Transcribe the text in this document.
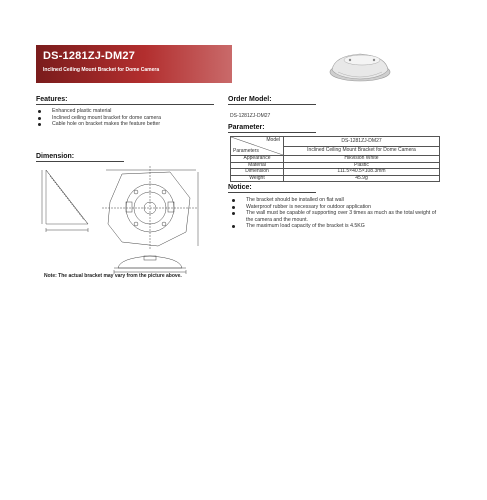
DS-1281ZJ-DM27
Inclined Ceiling Mount Bracket for Dome Camera
Features:
Enhanced plastic material
Inclined ceiling mount bracket for dome camera
Cable hole on bracket makes the feature better
Order Model:
DS-1281ZJ-DM27
Parameter:
Model
Parameters	DS-1281ZJ-DM27
	Inclined Ceiling Mount Bracket for Dome Camera
Appearance	Hikvision White
Material	Plastic
Dimension	111.5×40.5×108.3mm
Weight	45.9g
Dimension:
Notice:
The bracket should be installed on flat wall
Waterproof rubber is necessary for outdoor application
The wall must be capable of supporting over 3 times as much as the total weight of the camera and the mount.
The maximum load capacity of the bracket is 4.5KG
Note: The actual bracket may vary from the picture above.
